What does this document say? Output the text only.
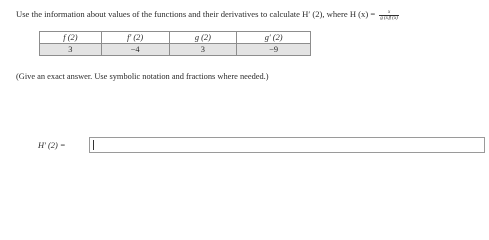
Use the information about values of the functions and their derivatives to calculate H′ (2), where H $(x) = \frac{x}{g (x)f (x)}$
f (2)	f′ (2)	g (2)	g′ (2)
3	−4	3	−9
(Give an exact answer. Use symbolic notation and fractions where needed.)
H′ (2) =
